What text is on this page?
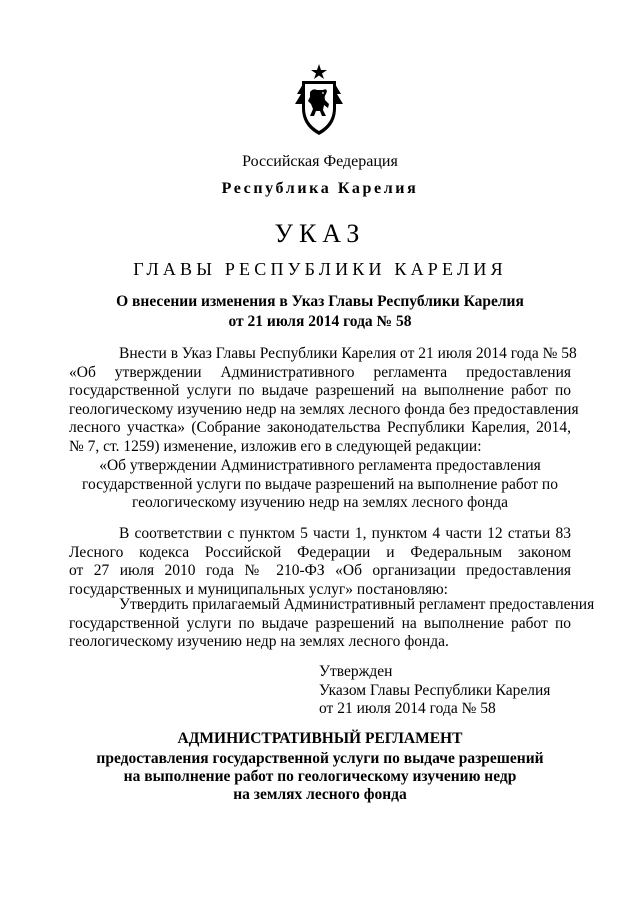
Российская Федерация
Республика Карелия
УКАЗ
ГЛАВЫ РЕСПУБЛИКИ КАРЕЛИЯ
О внесении изменения в Указ Главы Республики Карелия
от 21 июля 2014 года № 58
Внести в Указ Главы Республики Карелия от 21 июля 2014 года № 58
«Об утверждении Административного регламента предоставления
государственной услуги по выдаче разрешений на выполнение работ по
геологическому изучению недр на землях лесного фонда без предоставления
лесного участка» (Собрание законодательства Республики Карелия, 2014,
№ 7, ст. 1259) изменение, изложив его в следующей редакции:
«Об утверждении Административного регламента предоставления
государственной услуги по выдаче разрешений на выполнение работ по
геологическому изучению недр на землях лесного фонда
В соответствии с пунктом 5 части 1, пунктом 4 части 12 статьи 83
Лесного кодекса Российской Федерации и Федеральным законом
от 27 июля 2010 года № 210-ФЗ «Об организации предоставления
государственных и муниципальных услуг» постановляю:
Утвердить прилагаемый Административный регламент предоставления
государственной услуги по выдаче разрешений на выполнение работ по
геологическому изучению недр на землях лесного фонда.
Утвержден
Указом Главы Республики Карелия
от 21 июля 2014 года № 58
АДМИНИСТРАТИВНЫЙ РЕГЛАМЕНТ
предоставления государственной услуги по выдаче разрешений
на выполнение работ по геологическому изучению недр
на землях лесного фонда
